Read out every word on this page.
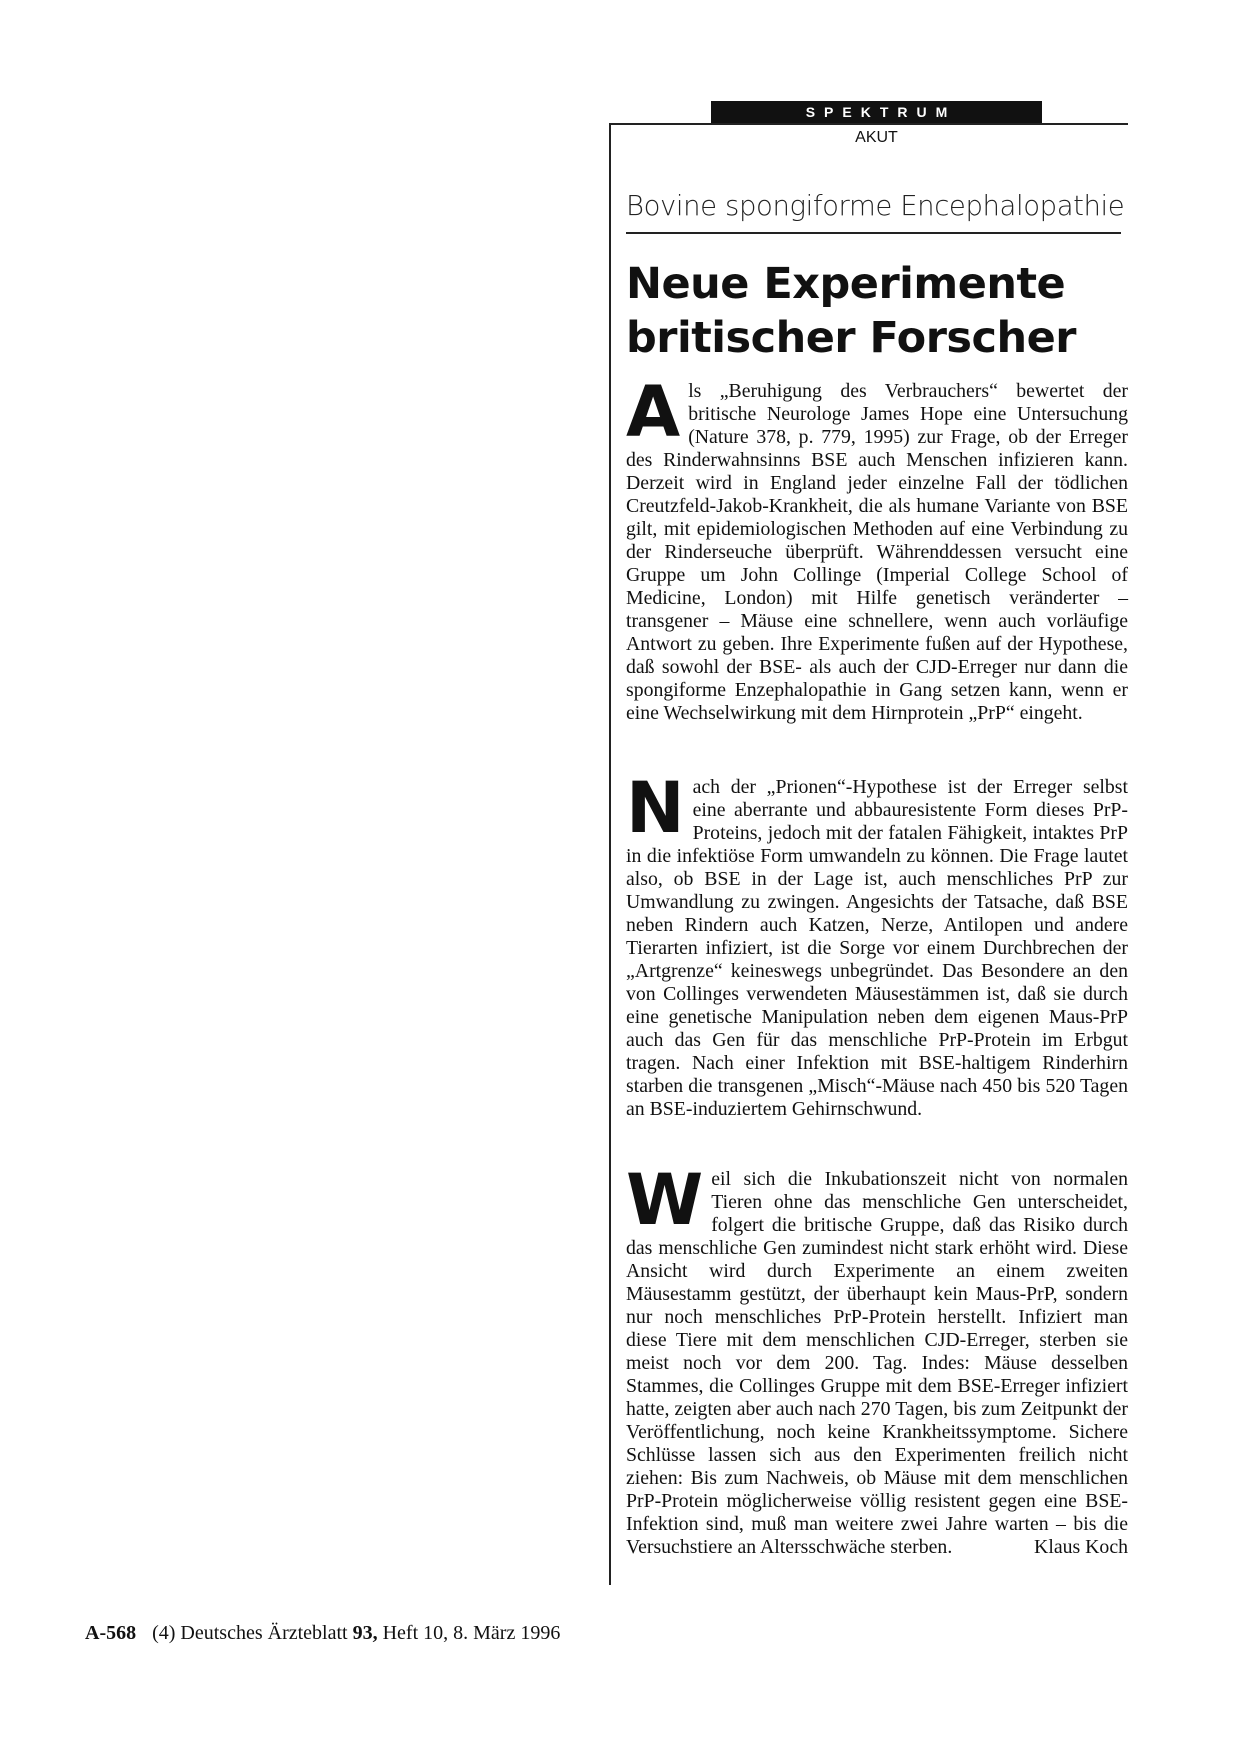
SPEKTRUM
AKUT
Bovine spongiforme Encephalopathie
Neue Experimente
britischer Forscher
Als „Beruhigung des Verbrauchers“ bewertet der britische Neurologe James Hope eine Untersuchung (Nature 378, p. 779, 1995) zur Frage, ob der Erreger des Rinderwahnsinns BSE auch Menschen infizieren kann. Derzeit wird in England jeder einzelne Fall der tödlichen Creutzfeld-Jakob-Krankheit, die als humane Variante von BSE gilt, mit epidemiologischen Methoden auf eine Verbindung zu der Rinderseuche überprüft. Währenddessen versucht eine Gruppe um John Collinge (Imperial College School of Medicine, London) mit Hilfe genetisch veränderter – transgener – Mäuse eine schnellere, wenn auch vorläufige Antwort zu geben. Ihre Experimente fußen auf der Hypothese, daß sowohl der BSE- als auch der CJD-Erreger nur dann die spongiforme Enzephalopathie in Gang setzen kann, wenn er eine Wechselwirkung mit dem Hirnprotein „PrP“ eingeht.
Nach der „Prionen“-Hypothese ist der Erreger selbst eine aberrante und abbauresistente Form dieses PrP-Proteins, jedoch mit der fatalen Fähigkeit, intaktes PrP in die infektiöse Form umwandeln zu können. Die Frage lautet also, ob BSE in der Lage ist, auch menschliches PrP zur Umwandlung zu zwingen. Angesichts der Tatsache, daß BSE neben Rindern auch Katzen, Nerze, Antilopen und andere Tierarten infiziert, ist die Sorge vor einem Durchbrechen der „Artgrenze“ keineswegs unbegründet. Das Besondere an den von Collinges verwendeten Mäusestämmen ist, daß sie durch eine genetische Manipulation neben dem eigenen Maus-PrP auch das Gen für das menschliche PrP-Protein im Erbgut tragen. Nach einer Infektion mit BSE-haltigem Rinderhirn starben die transgenen „Misch“-Mäuse nach 450 bis 520 Tagen an BSE-induziertem Gehirnschwund.
Weil sich die Inkubationszeit nicht von normalen Tieren ohne das menschliche Gen unterscheidet, folgert die britische Gruppe, daß das Risiko durch das menschliche Gen zumindest nicht stark erhöht wird. Diese Ansicht wird durch Experimente an einem zweiten Mäusestamm gestützt, der überhaupt kein Maus-PrP, sondern nur noch menschliches PrP-Protein herstellt. Infiziert man diese Tiere mit dem menschlichen CJD-Erreger, sterben sie meist noch vor dem 200. Tag. Indes: Mäuse desselben Stammes, die Collinges Gruppe mit dem BSE-Erreger infiziert hatte, zeigten aber auch nach 270 Tagen, bis zum Zeitpunkt der Veröffentlichung, noch keine Krankheitssymptome. Sichere Schlüsse lassen sich aus den Experimenten freilich nicht ziehen: Bis zum Nachweis, ob Mäuse mit dem menschlichen PrP-Protein möglicherweise völlig resistent gegen eine BSE-Infektion sind, muß man weitere zwei Jahre warten – bis die Versuchstiere an Altersschwäche sterben.	Klaus Koch
A-568 (4) Deutsches Ärzteblatt 93, Heft 10, 8. März 1996
